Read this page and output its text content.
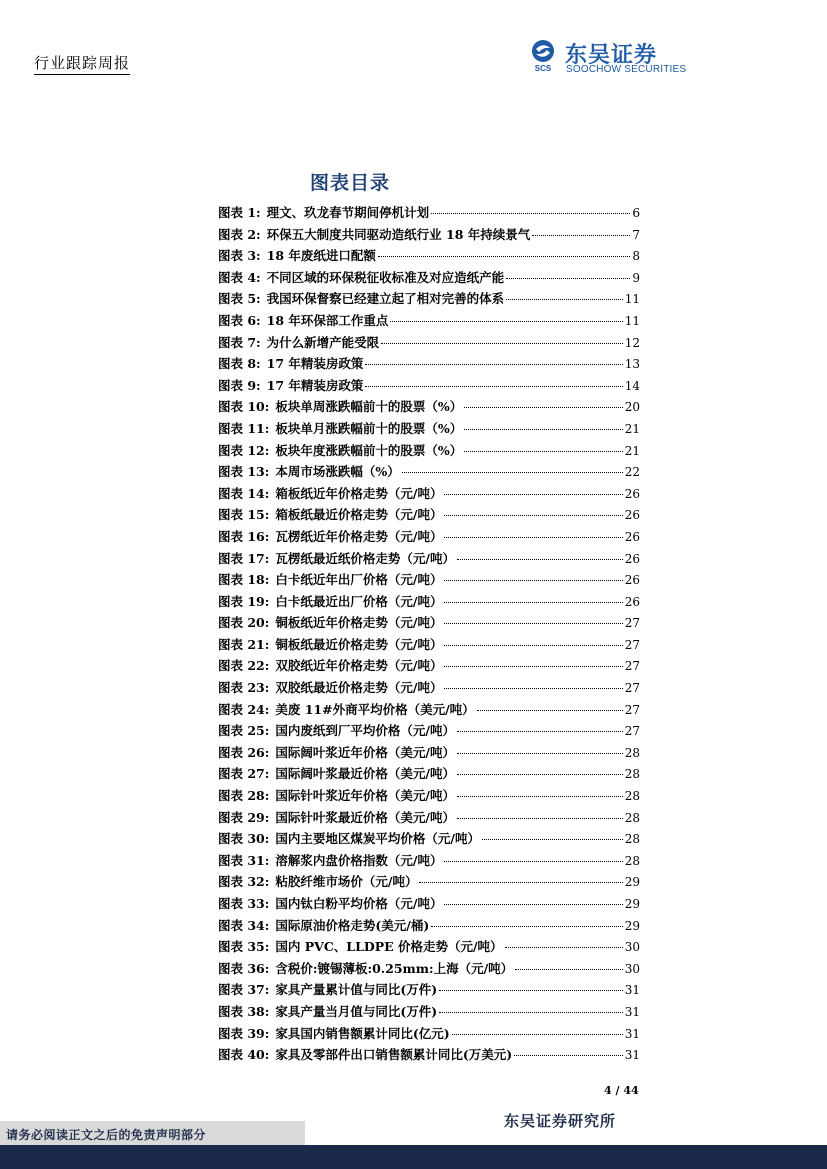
行业跟踪周报	SCS
东吴证券
SOOCHOW SECURITIES
图表目录
图表 1: 理文、玖龙春节期间停机计划	6
图表 2: 环保五大制度共同驱动造纸行业 18 年持续景气	7
图表 3: 18 年废纸进口配额	8
图表 4: 不同区域的环保税征收标准及对应造纸产能	9
图表 5: 我国环保督察已经建立起了相对完善的体系	11
图表 6: 18 年环保部工作重点	11
图表 7: 为什么新增产能受限	12
图表 8: 17 年精装房政策	13
图表 9: 17 年精装房政策	14
图表 10: 板块单周涨跌幅前十的股票（%）	20
图表 11: 板块单月涨跌幅前十的股票（%）	21
图表 12: 板块年度涨跌幅前十的股票（%）	21
图表 13: 本周市场涨跌幅（%）	22
图表 14: 箱板纸近年价格走势（元/吨）	26
图表 15: 箱板纸最近价格走势（元/吨）	26
图表 16: 瓦楞纸近年价格走势（元/吨）	26
图表 17: 瓦楞纸最近纸价格走势（元/吨）	26
图表 18: 白卡纸近年出厂价格（元/吨）	26
图表 19: 白卡纸最近出厂价格（元/吨）	26
图表 20: 铜板纸近年价格走势（元/吨）	27
图表 21: 铜板纸最近价格走势（元/吨）	27
图表 22: 双胶纸近年价格走势（元/吨）	27
图表 23: 双胶纸最近价格走势（元/吨）	27
图表 24: 美废 11#外商平均价格（美元/吨）	27
图表 25: 国内废纸到厂平均价格（元/吨）	27
图表 26: 国际阔叶浆近年价格（美元/吨）	28
图表 27: 国际阔叶浆最近价格（美元/吨）	28
图表 28: 国际针叶浆近年价格（美元/吨）	28
图表 29: 国际针叶浆最近价格（美元/吨）	28
图表 30: 国内主要地区煤炭平均价格（元/吨）	28
图表 31: 溶解浆内盘价格指数（元/吨）	28
图表 32: 粘胶纤维市场价（元/吨）	29
图表 33: 国内钛白粉平均价格（元/吨）	29
图表 34: 国际原油价格走势(美元/桶)	29
图表 35: 国内 PVC、LLDPE 价格走势（元/吨）	30
图表 36: 含税价:镀锡薄板:0.25mm:上海（元/吨）	30
图表 37: 家具产量累计值与同比(万件)	31
图表 38: 家具产量当月值与同比(万件)	31
图表 39: 家具国内销售额累计同比(亿元)	31
图表 40: 家具及零部件出口销售额累计同比(万美元)	31
4 / 44
东吴证券研究所
请务必阅读正文之后的免责声明部分
